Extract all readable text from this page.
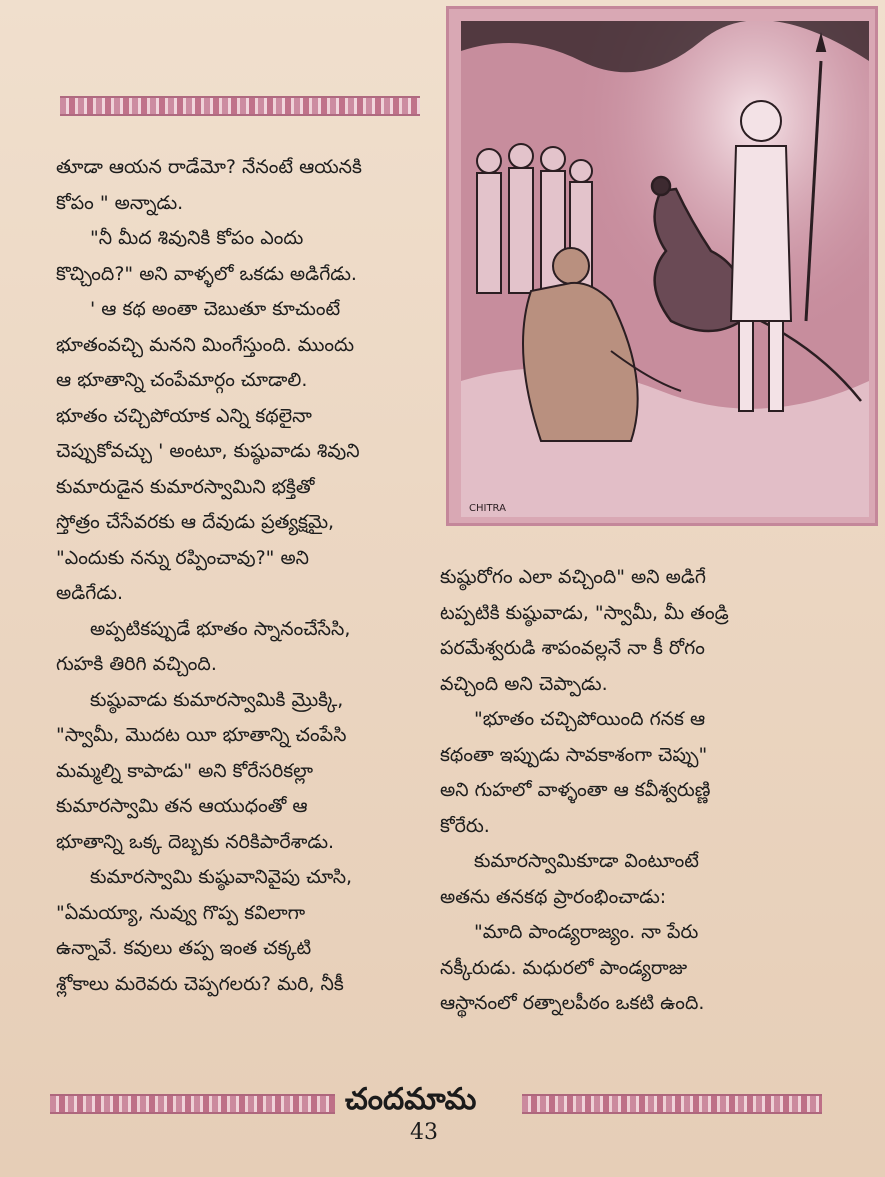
తూడా ఆయన రాడేమో? నేనంటే ఆయనకి

కోపం " అన్నాడు.

"నీ మీద శివునికి కోపం ఎందు

కొచ్చింది?" అని వాళ్ళలో ఒకడు అడిగేడు.

' ఆ కథ అంతా చెబుతూ కూచుంటే

భూతంవచ్చి మనని మింగేస్తుంది. ముందు

ఆ భూతాన్ని చంపేమార్గం చూడాలి.

భూతం చచ్చిపోయాక ఎన్ని కథలైనా

చెప్పుకోవచ్చు ' అంటూ, కుష్ఠువాడు శివుని

కుమారుడైన కుమారస్వామిని భక్తితో

స్తోత్రం చేసేవరకు ఆ దేవుడు ప్రత్యక్షమై,

"ఎందుకు నన్ను రప్పించావు?" అని

అడిగేడు.

అప్పటికప్పుడే భూతం స్నానంచేసేసి,

గుహకి తిరిగి వచ్చింది.

కుష్ఠువాడు కుమారస్వామికి మ్రొక్కి,

"స్వామీ, మొదట యీ భూతాన్ని చంపేసి

మమ్మల్ని కాపాడు" అని కోరేసరికల్లా

కుమారస్వామి తన ఆయుధంతో ఆ

భూతాన్ని ఒక్క దెబ్బకు నరికిపారేశాడు.

కుమారస్వామి కుష్ఠువానివైపు చూసి,

"ఏమయ్యా, నువ్వు గొప్ప కవిలాగా

ఉన్నావే. కవులు తప్ప ఇంత చక్కటి

శ్లోకాలు మరెవరు చెప్పగలరు? మరి, నీకీ

CHITRA

కుష్ఠురోగం ఎలా వచ్చింది" అని అడిగే

టప్పటికి కుష్ఠువాడు, "స్వామీ, మీ తండ్రి

పరమేశ్వరుడి శాపంవల్లనే నా కీ రోగం

వచ్చింది అని చెప్పాడు.

"భూతం చచ్చిపోయింది గనక ఆ

కథంతా ఇప్పుడు సావకాశంగా చెప్పు"

అని గుహలో వాళ్ళంతా ఆ కవీశ్వరుణ్ణి

కోరేరు.

కుమారస్వామికూడా వింటూంటే

అతను తనకథ ప్రారంభించాడు:

"మాది పాండ్యరాజ్యం. నా పేరు

నక్కీరుడు. మధురలో పాండ్యరాజు

ఆస్థానంలో రత్నాలపీఠం ఒకటి ఉంది.

చందమామ
43
